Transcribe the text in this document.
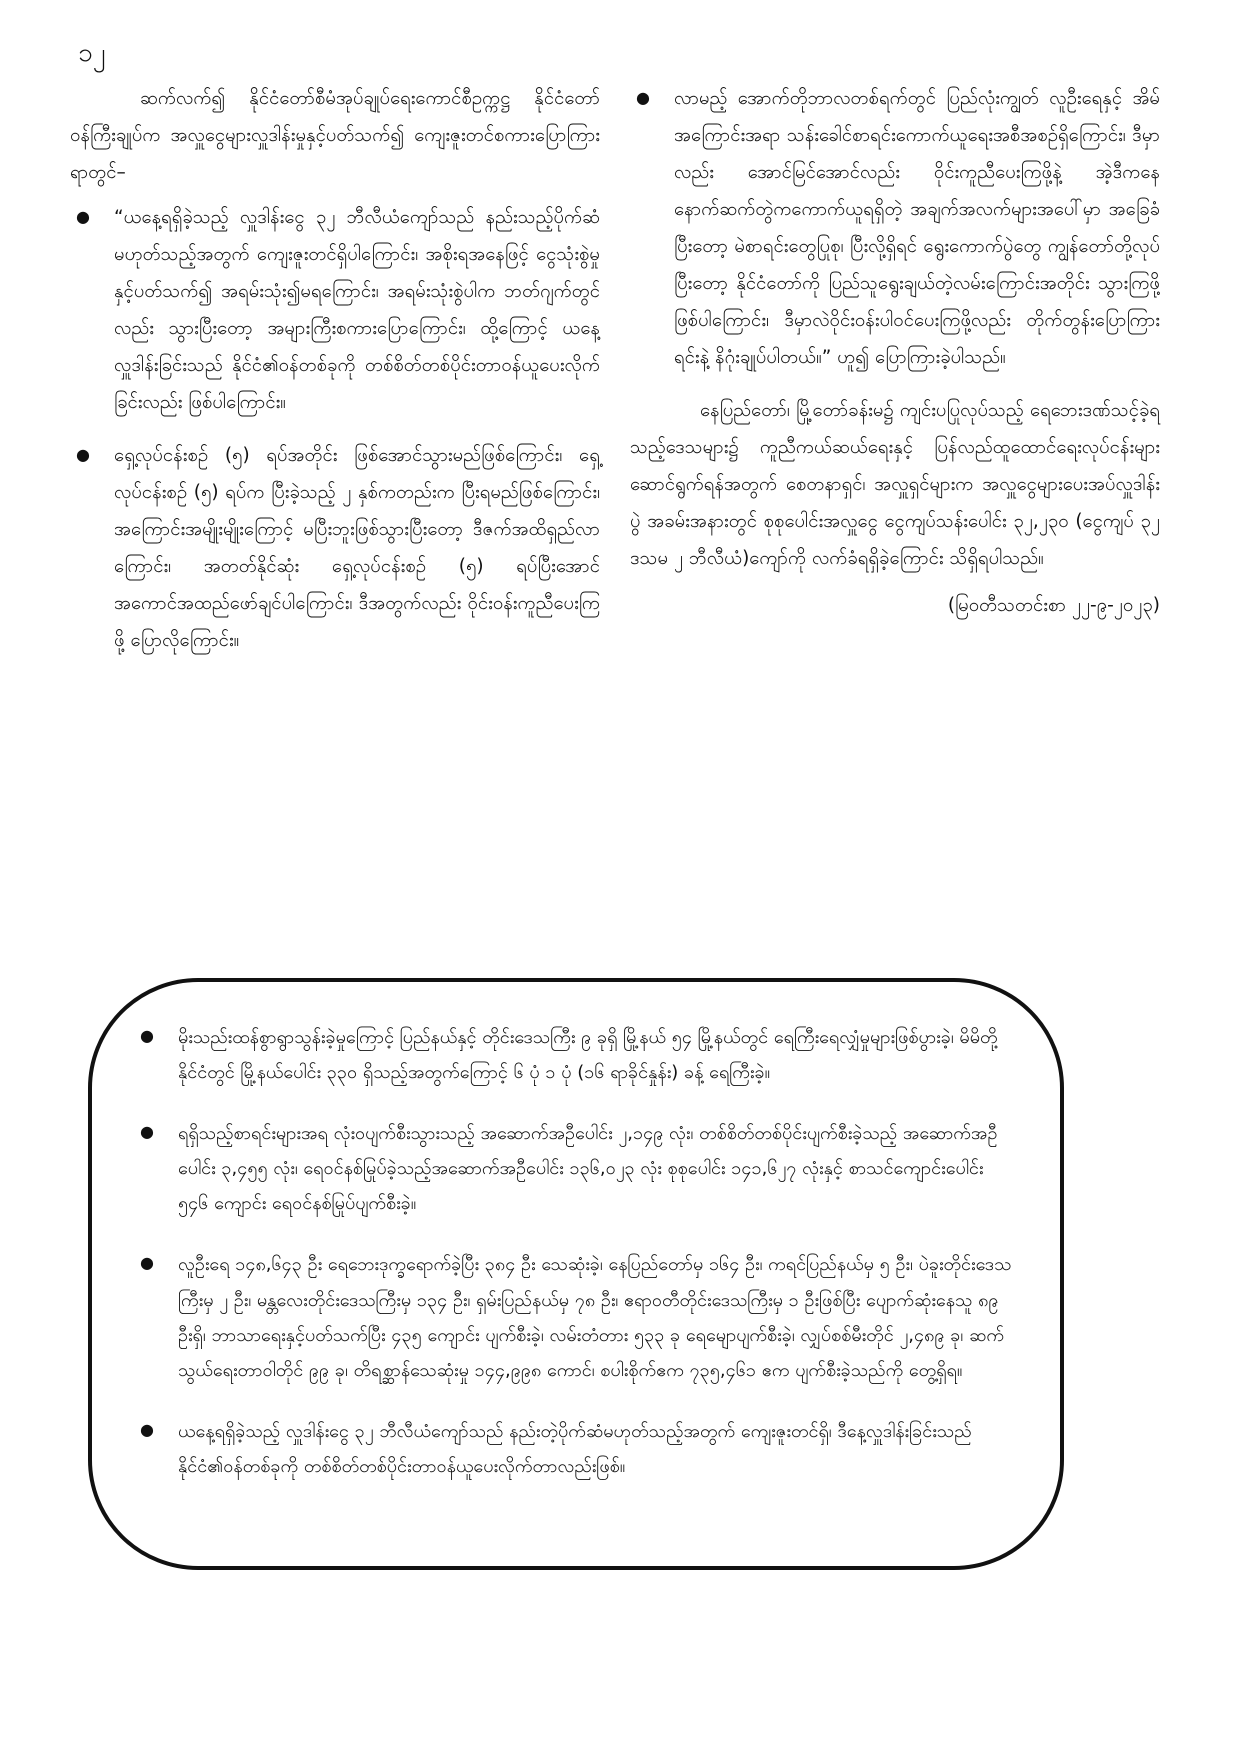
၁၂

ဆက်လက်၍ နိုင်ငံတော်စီမံအုပ်ချုပ်ရေးကောင်စီဥက္ကဋ္ဌ နိုင်ငံတော်ဝန်ကြီးချုပ်က အလှူငွေများလှူဒါန်းမှုနှင့်ပတ်သက်၍ ကျေးဇူးတင်စကားပြောကြားရာတွင်–

● “ယနေ့ရရှိခဲ့သည့် လှူဒါန်းငွေ ၃၂ ဘီလီယံကျော်သည် နည်းသည့်ပိုက်ဆံမဟုတ်သည့်အတွက် ကျေးဇူးတင်ရှိပါကြောင်း၊ အစိုးရအနေဖြင့် ငွေသုံးစွဲမှုနှင့်ပတ်သက်၍ အရမ်းသုံး၍မရကြောင်း၊ အရမ်းသုံးစွဲပါက ဘတ်ဂျက်တွင်လည်း သွားပြီးတော့ အများကြီးစကားပြောကြောင်း၊ ထို့ကြောင့် ယနေ့လှူဒါန်းခြင်းသည် နိုင်ငံ၏ဝန်တစ်ခုကို တစ်စိတ်တစ်ပိုင်းတာဝန်ယူပေးလိုက်ခြင်းလည်း ဖြစ်ပါကြောင်း။
● ရှေ့လုပ်ငန်းစဉ် (၅) ရပ်အတိုင်း ဖြစ်အောင်သွားမည်ဖြစ်ကြောင်း၊ ရှေ့လုပ်ငန်းစဉ် (၅) ရပ်က ပြီးခဲ့သည့် ၂ နှစ်ကတည်းက ပြီးရမည်ဖြစ်ကြောင်း၊ အကြောင်းအမျိုးမျိုးကြောင့် မပြီးဘူးဖြစ်သွားပြီးတော့ ဒီဇက်အထိရှည်လာကြောင်း၊ အတတ်နိုင်ဆုံး ရှေ့လုပ်ငန်းစဉ် (၅) ရပ်ပြီးအောင် အကောင်အထည်ဖော်ချင်ပါကြောင်း၊ ဒီအတွက်လည်း ဝိုင်းဝန်းကူညီပေးကြဖို့ ပြောလိုကြောင်း။
● လာမည့် အောက်တိုဘာလတစ်ရက်တွင် ပြည်လုံးကျွတ် လူဦးရေနှင့် အိမ်အကြောင်းအရာ သန်းခေါင်စာရင်းကောက်ယူရေးအစီအစဉ်ရှိကြောင်း၊ ဒီမှာလည်း အောင်မြင်အောင်လည်း ဝိုင်းကူညီပေးကြဖို့နဲ့ အဲ့ဒီကနေနောက်ဆက်တွဲကကောက်ယူရရှိတဲ့ အချက်အလက်များအပေါ်မှာ အခြေခံပြီးတော့ မဲစာရင်းတွေပြုစု၊ ပြီးလို့ရှိရင် ရွေးကောက်ပွဲတွေ ကျွန်တော်တို့လုပ်ပြီးတော့ နိုင်ငံတော်ကို ပြည်သူရွေးချယ်တဲ့လမ်းကြောင်းအတိုင်း သွားကြဖို့ဖြစ်ပါကြောင်း၊ ဒီမှာလဲဝိုင်းဝန်းပါဝင်ပေးကြဖို့လည်း တိုက်တွန်းပြောကြားရင်းနဲ့ နိဂုံးချုပ်ပါတယ်။” ဟူ၍ ပြောကြားခဲ့ပါသည်။

နေပြည်တော်၊ မြို့တော်ခန်းမ၌ ကျင်းပပြုလုပ်သည့် ရေဘေးဒဏ်သင့်ခဲ့ရသည့်ဒေသများ၌ ကူညီကယ်ဆယ်ရေးနှင့် ပြန်လည်ထူထောင်ရေးလုပ်ငန်းများ ဆောင်ရွက်ရန်အတွက် စေတနာရှင်၊ အလှူရှင်များက အလှူငွေများပေးအပ်လှူဒါန်းပွဲ အခမ်းအနားတွင် စုစုပေါင်းအလှူငွေ ငွေကျပ်သန်းပေါင်း ၃၂,၂၃၀ (ငွေကျပ် ၃၂ ဒသမ ၂ ဘီလီယံ)ကျော်ကို လက်ခံရရှိခဲ့ကြောင်း သိရှိရပါသည်။

(မြဝတီသတင်းစာ ၂၂-၉-၂၀၂၃)
● မိုးသည်းထန်စွာရွာသွန်းခဲ့မှုကြောင့် ပြည်နယ်နှင့် တိုင်းဒေသကြီး ၉ ခုရှိ မြို့နယ် ၅၄ မြို့နယ်တွင် ရေကြီးရေလျှံမှုများဖြစ်ပွားခဲ့၊ မိမိတို့နိုင်ငံတွင် မြို့နယ်ပေါင်း ၃၃၀ ရှိသည့်အတွက်ကြောင့် ၆ ပုံ ၁ ပုံ (၁၆ ရာခိုင်နှုန်း) ခန့် ရေကြီးခဲ့။
● ရရှိသည့်စာရင်းများအရ လုံးဝပျက်စီးသွားသည့် အဆောက်အဦပေါင်း ၂,၁၄၉ လုံး၊ တစ်စိတ်တစ်ပိုင်းပျက်စီးခဲ့သည့် အဆောက်အဦပေါင်း ၃,၄၅၅ လုံး၊ ရေဝင်နစ်မြုပ်ခဲ့သည့်အဆောက်အဦပေါင်း ၁၃၆,၀၂၃ လုံး စုစုပေါင်း ၁၄၁,၆၂၇ လုံးနှင့် စာသင်ကျောင်းပေါင်း ၅၄၆ ကျောင်း ရေဝင်နစ်မြုပ်ပျက်စီးခဲ့။
● လူဦးရေ ၁၄၈,၆၄၃ ဦး ရေဘေးဒုက္ခရောက်ခဲ့ပြီး ၃၈၄ ဦး သေဆုံးခဲ့၊ နေပြည်တော်မှ ၁၆၄ ဦး၊ ကရင်ပြည်နယ်မှ ၅ ဦး၊ ပဲခူးတိုင်းဒေသကြီးမှ ၂ ဦး၊ မန္တလေးတိုင်းဒေသကြီးမှ ၁၃၄ ဦး၊ ရှမ်းပြည်နယ်မှ ၇၈ ဦး၊ ဧရာဝတီတိုင်းဒေသကြီးမှ ၁ ဦးဖြစ်ပြီး ပျောက်ဆုံးနေသူ ၈၉ ဦးရှိ၊ ဘာသာရေးနှင့်ပတ်သက်ပြီး ၄၃၅ ကျောင်း ပျက်စီးခဲ့၊ လမ်းတံတား ၅၃၃ ခု ရေမျောပျက်စီးခဲ့၊ လျှပ်စစ်မီးတိုင် ၂,၄၈၉ ခု၊ ဆက်သွယ်ရေးတာဝါတိုင် ၉၉ ခု၊ တိရစ္ဆာန်သေဆုံးမှု ၁၄၄,၉၉၈ ကောင်၊ စပါးစိုက်ဧက ၇၃၅,၄၆၁ ဧက ပျက်စီးခဲ့သည်ကို တွေ့ရှိရ။
● ယနေ့ရရှိခဲ့သည့် လှူဒါန်းငွေ ၃၂ ဘီလီယံကျော်သည် နည်းတဲ့ပိုက်ဆံမဟုတ်သည့်အတွက် ကျေးဇူးတင်ရှိ၊ ဒီနေ့လှူဒါန်းခြင်းသည် နိုင်ငံ၏ဝန်တစ်ခုကို တစ်စိတ်တစ်ပိုင်းတာဝန်ယူပေးလိုက်တာလည်းဖြစ်။
